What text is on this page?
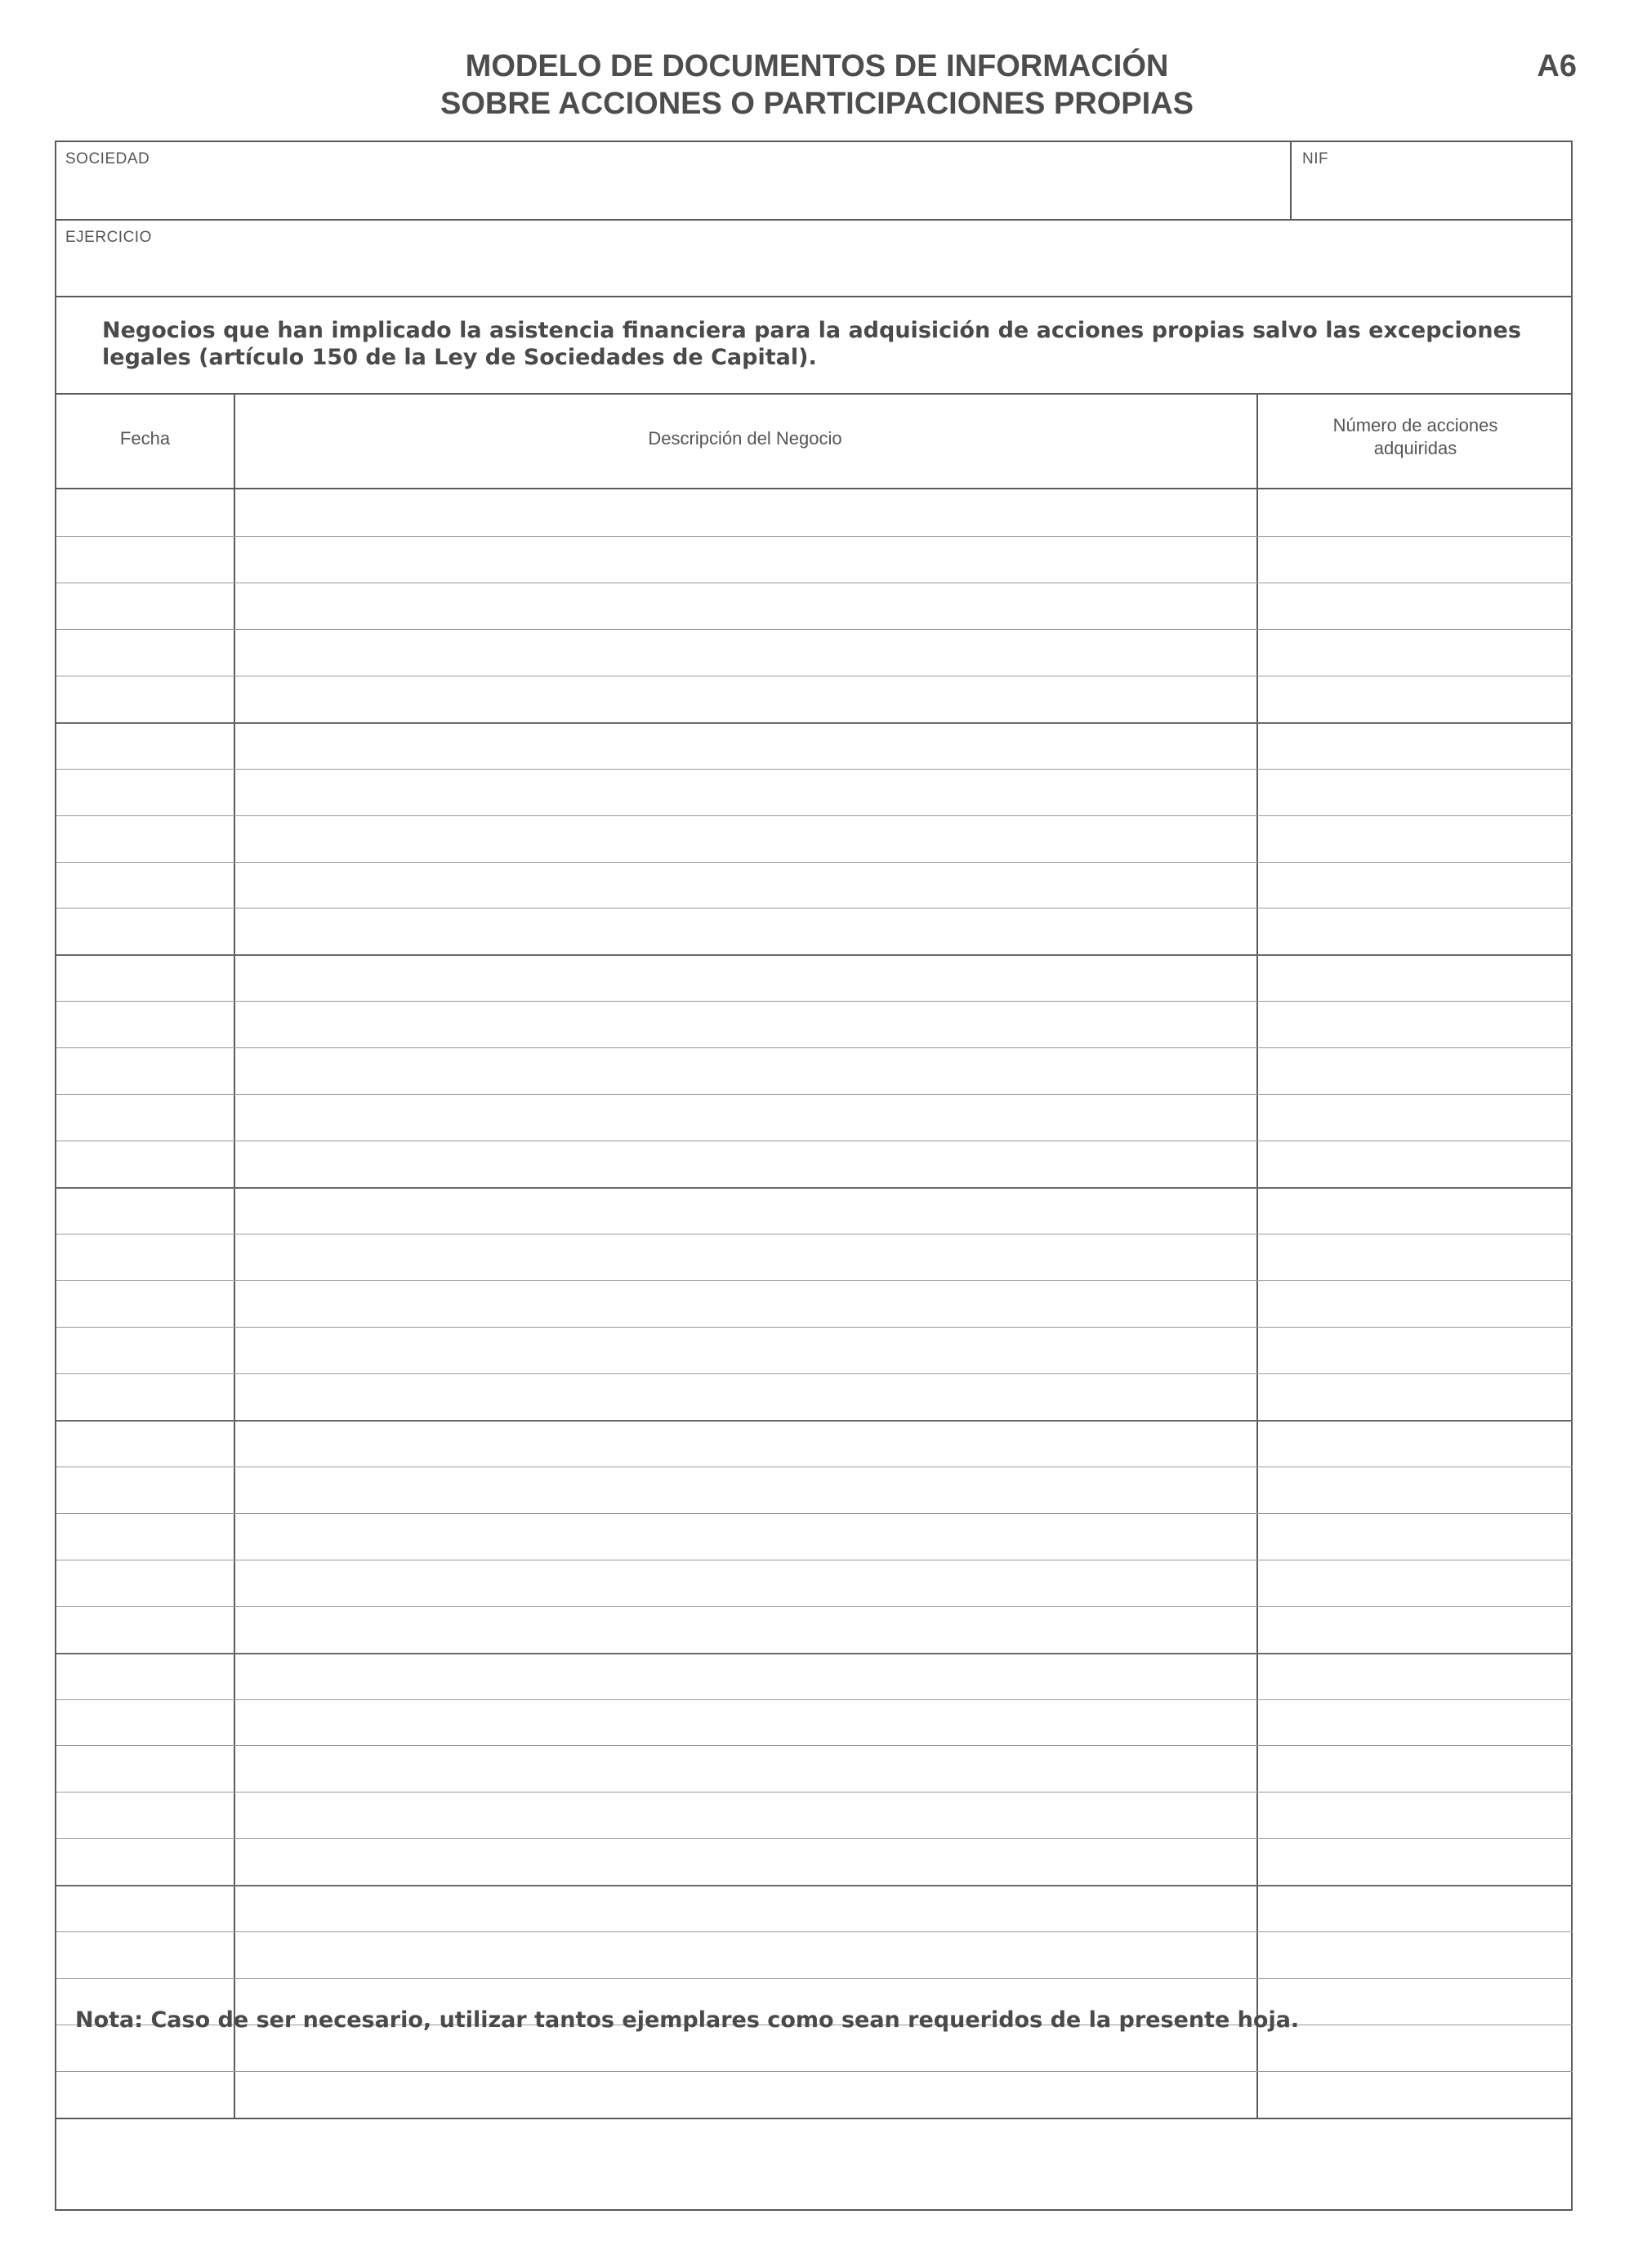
MODELO DE DOCUMENTOS DE INFORMACIÓN
SOBRE ACCIONES O PARTICIPACIONES PROPIAS
A6
SOCIEDAD	NIF
EJERCICIO
Negocios que han implicado la asistencia financiera para la adquisición de acciones propias salvo las excepciones
legales (artículo 150 de la Ley de Sociedades de Capital).
Fecha	Descripción del Negocio
Número de acciones
adquiridas
Nota: Caso de ser necesario, utilizar tantos ejemplares como sean requeridos de la presente hoja.
